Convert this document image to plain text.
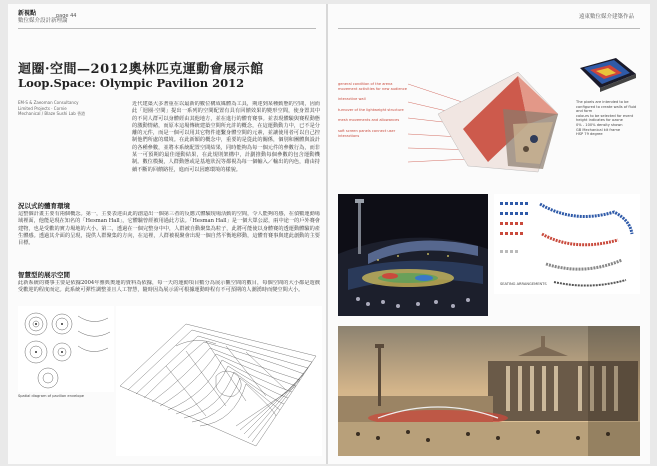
新視點
數位媒介設計新理論
page 44
迴圈·空間—2012奧林匹克運動會展示館
Loop.Space: Olympic Pavilion 2012
EM-S & Zaeoman Consultancy Limited Projects · Cornie Mechanical / Blaze Sushi Lab 香港
近代建築大多著重在以最新的數位構成媒體為工具，期達到某種動態的空間，因而此「迴圈·空間」提出一系列的空間配置有具有回饋效果的變形空間，使身置其中的不同人群可以身體經由其他地方，並在進行的體育賽事。並表現體驗與賽程動態的激動情緒，而原本這場傳統建築空間所允許的概念，在這運動動力中，已不是分離的元件，而是一個可以用其它物件連繫身體空間的元素，並讓使用者可以自己控制他們所處的環境。在此新穎的概念中，重要的是從此的關係，個別和團體與設計的各種參數，並將本系統配置空間結果，同時能夠為每一個元件的參數行為，而非某一可預期的最佳運動結果，在此規則架構中，計劃推動每個參數的包含運動機制。數位模擬，人群動態或是基地狀況等都視為每一個輸入／輸出的內色，藉由持續不斷的回饋路徑，進而可以因應環境的樣貌。
況以式的體育環境
這整個計畫主要有兩個概念。第一，主要表達由此的創造出一個第三者的反應式體驗現場活動的空間，令人能夠的感，在偵數運動場域裡面，他能是現在知名的「Hesman Hall」，它體驗曾經被用過此方法。「Hesman Hall」是一個大眾公認，兩中途一的戶外賽會建物，也是受歡的實力場地的大小。第二，透過在一個完整身中中，人群被自動聚集為粒子，此將可能使以身體賽的透運動體驗的產生體感。透過其介面的呈現，提供人群聚集的方向，在這裡，人群被視聚會出現一個自然平衡地移動，這體育賽事與建此創動的主要目標。
智慧型的展示空間
此新系統的賽事主要是依據2004年雅典奧運的資料為依據，每一天的運動項目數分為展示觀空間的數目，每個空間的大小都是遊戲受歡迎的程度而定。此系統可彈性調整並且人工智慧，隨時因為展示需可根據運動時程有不可預期的人潮湧時而變空間大小。
Spatial diagram of pavilion envelope
遠東數位媒介建築作品
general condition of the arena
movement activities for new audience
interactive wall
turnover of the lightweight structure
mesh movements and allowances
soft screen panels connect user interactions
The pixels are intended to be configured to create walls of fluid and form
colours to be selected for event
height indicates for ozone
0% - 100% density shown
GB Mechanical kit frame
HSP 79 degree
SEATING ARRANGEMENTS
